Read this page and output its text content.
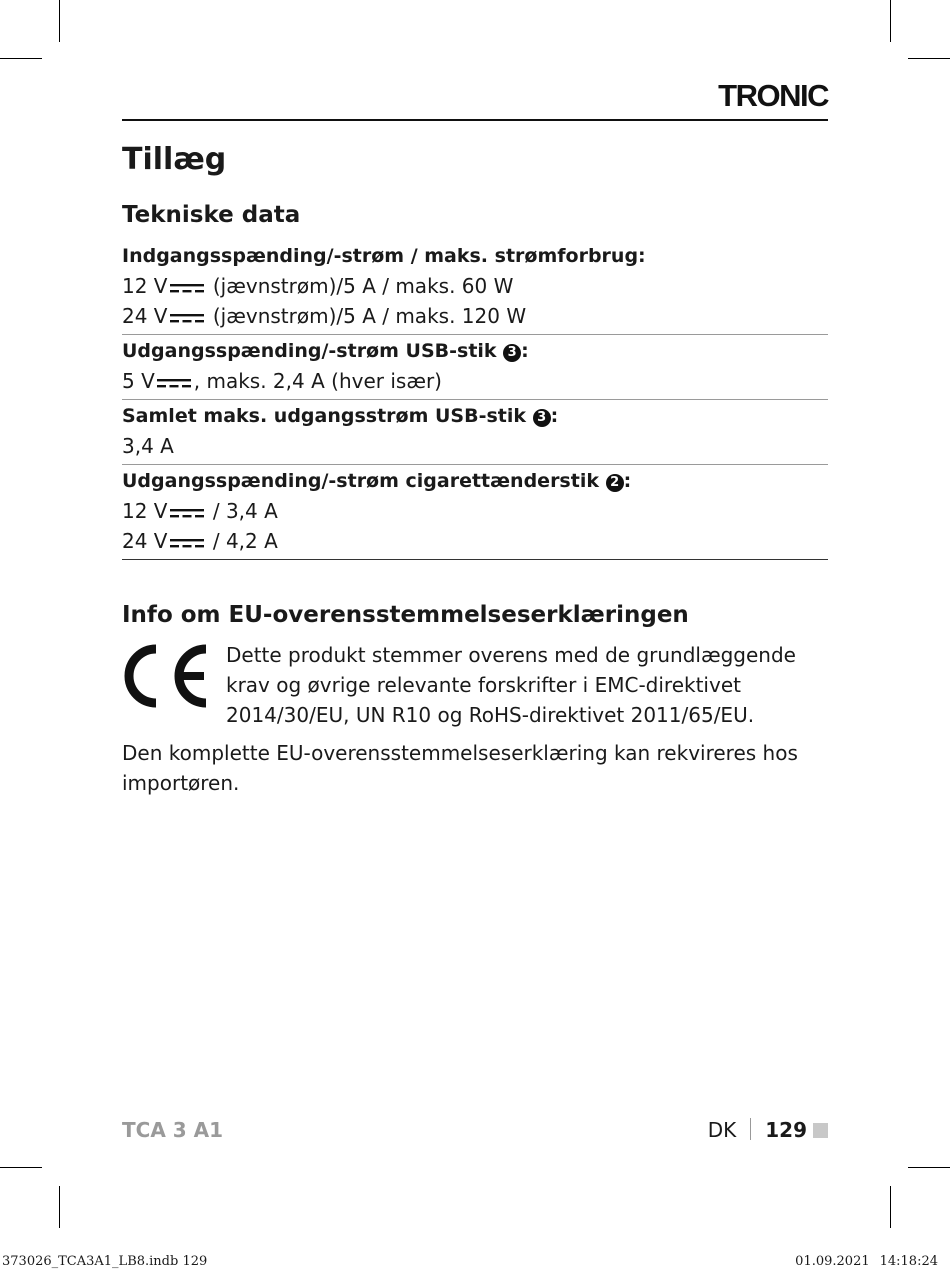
TRONIC
Tillæg
Tekniske data
Indgangsspænding/-strøm / maks. strømforbrug:
12 V (jævnstrøm)/5 A / maks. 60 W
24 V (jævnstrøm)/5 A / maks. 120 W
Udgangsspænding/-strøm USB-stik 3 :
5 V , maks. 2,4 A (hver især)
Samlet maks. udgangsstrøm USB-stik 3 :
3,4 A
Udgangsspænding/-strøm cigarettænderstik 2 :
12 V / 3,4 A
24 V / 4,2 A
Info om EU-overensstemmelseserklæringen

Dette produkt stemmer overens med de grundlæggende krav og øvrige relevante forskrifter i EMC-direktivet 2014/30/EU, UN R10 og RoHS-direktivet 2011/65/EU.

Den komplette EU-overensstemmelseserklæring kan rekvireres hos importøren.

TCA 3 A1	DK 129
373026_TCA3A1_LB8.indb 129	01.09.2021 14:18:24
